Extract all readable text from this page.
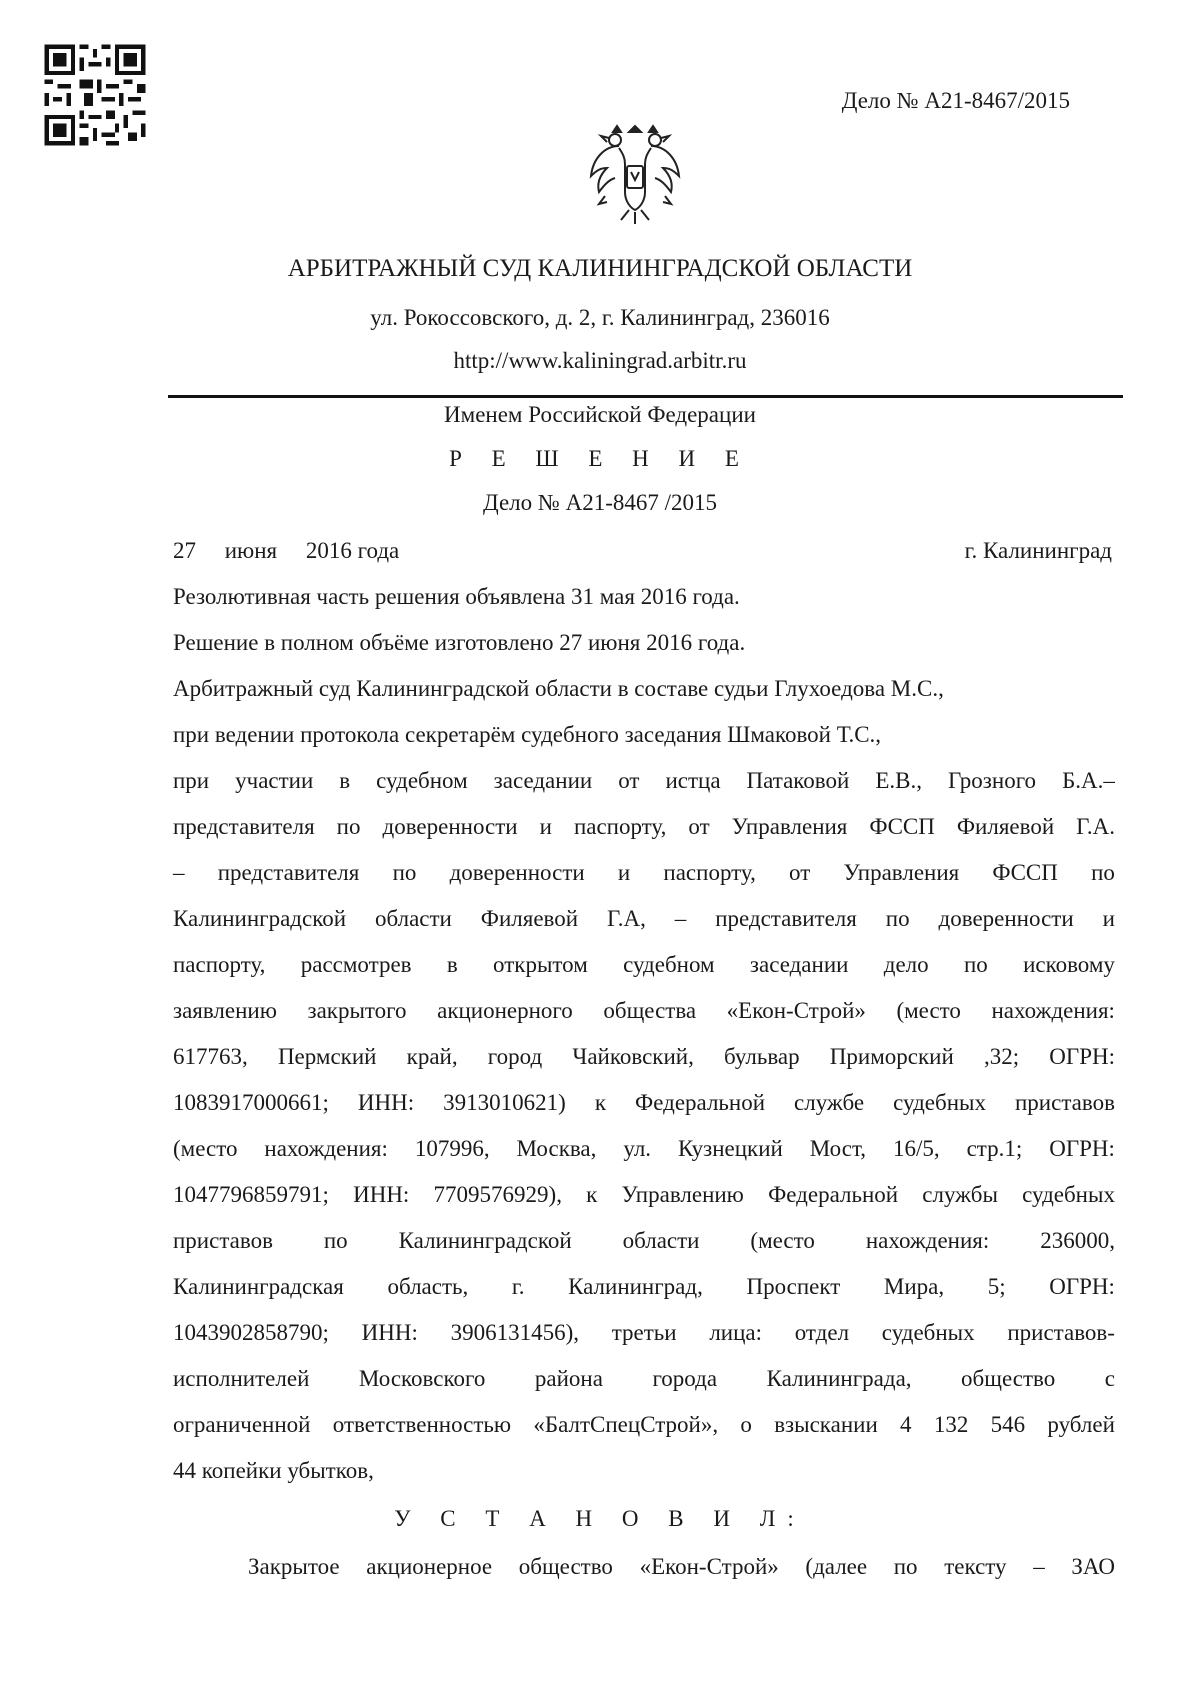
Дело № А21-8467/2015
АРБИТРАЖНЫЙ СУД КАЛИНИНГРАДСКОЙ ОБЛАСТИ
ул. Рокоссовского, д. 2, г. Калининград, 236016
http://www.kaliningrad.arbitr.ru
Именем Российской Федерации
Р Е Ш Е Н И Е
Дело № А21-8467 /2015
27 июня 2016 года	г. Калининград
Резолютивная часть решения объявлена 31 мая 2016 года.
Решение в полном объёме изготовлено 27 июня 2016 года.
Арбитражный суд Калининградской области в составе судьи Глухоедова М.С.,
при ведении протокола секретарём судебного заседания Шмаковой Т.С.,
при участии в судебном заседании от истца Патаковой Е.В., Грозного Б.А.–
представителя по доверенности и паспорту, от Управления ФССП Филяевой Г.А.
– представителя по доверенности и паспорту, от Управления ФССП по
Калининградской области Филяевой Г.А, – представителя по доверенности и
паспорту, рассмотрев в открытом судебном заседании дело по исковому
заявлению закрытого акционерного общества «Екон-Строй» (место нахождения:
617763, Пермский край, город Чайковский, бульвар Приморский ,32; ОГРН:
1083917000661; ИНН: 3913010621) к Федеральной службе судебных приставов
(место нахождения: 107996, Москва, ул. Кузнецкий Мост, 16/5, стр.1; ОГРН:
1047796859791; ИНН: 7709576929), к Управлению Федеральной службы судебных
приставов по Калининградской области (место нахождения: 236000,
Калининградская область, г. Калининград, Проспект Мира, 5; ОГРН:
1043902858790; ИНН: 3906131456), третьи лица: отдел судебных приставов-
исполнителей Московского района города Калининграда, общество с
ограниченной ответственностью «БалтСпецСтрой», о взыскании 4 132 546 рублей
44 копейки убытков,
У С Т А Н О В И Л:
Закрытое акционерное общество «Екон-Строй» (далее по тексту – ЗАО
